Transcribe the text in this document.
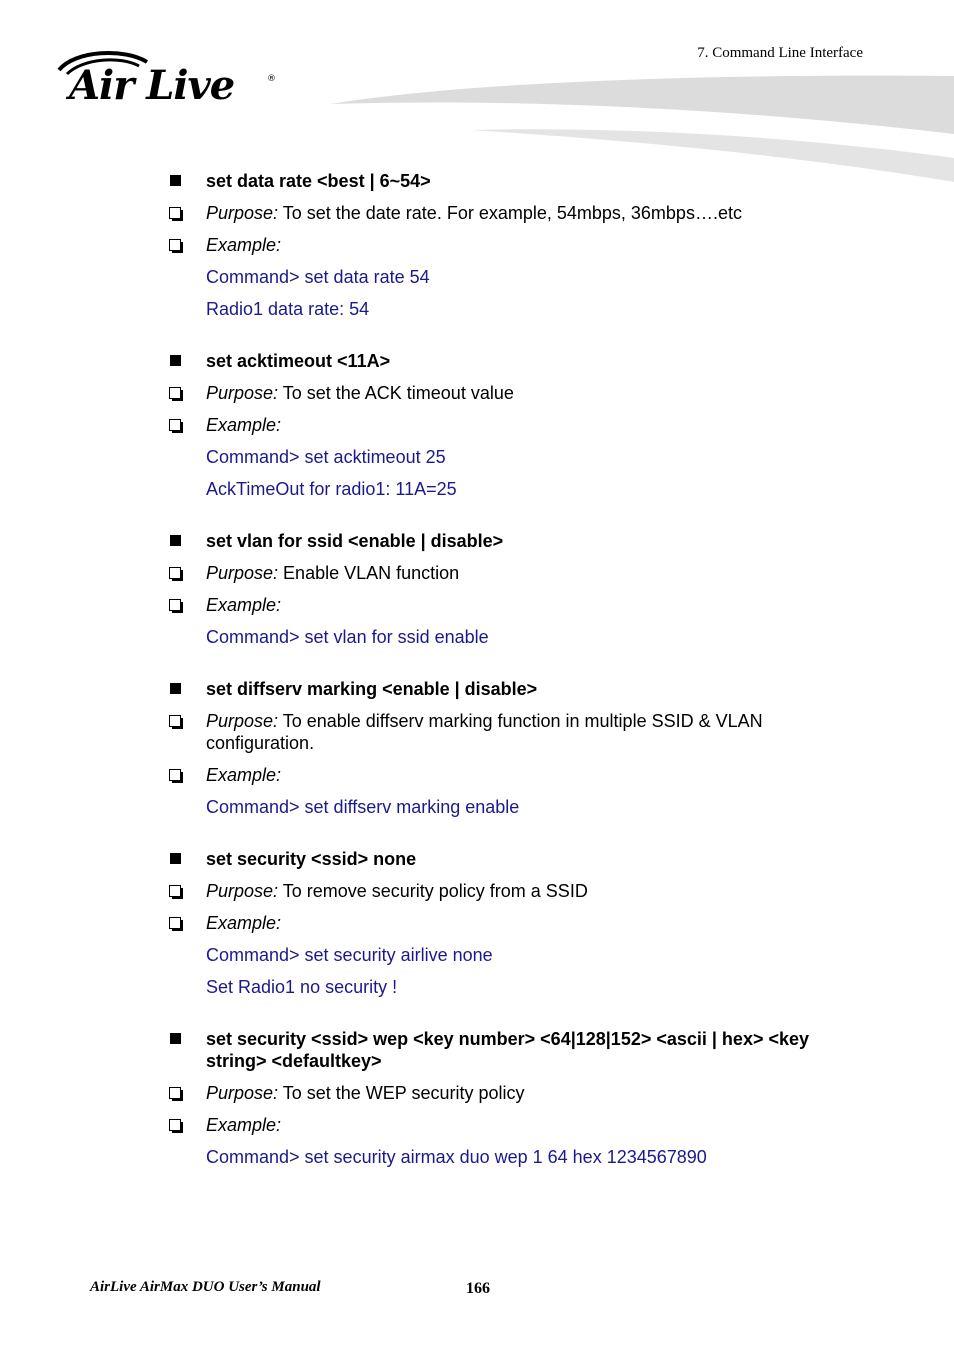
Air Live	®
7. Command Line Interface
set data rate <best | 6~54>
Purpose: To set the date rate. For example, 54mbps, 36mbps….etc
Example:
Command> set data rate 54
Radio1 data rate: 54
set acktimeout <11A>
Purpose: To set the ACK timeout value
Example:
Command> set acktimeout 25
AckTimeOut for radio1: 11A=25
set vlan for ssid <enable | disable>
Purpose: Enable VLAN function
Example:
Command> set vlan for ssid enable
set diffserv marking <enable | disable>
Purpose: To enable diffserv marking function in multiple SSID & VLAN configuration.
Example:
Command> set diffserv marking enable
set security <ssid> none
Purpose: To remove security policy from a SSID
Example:
Command> set security airlive none
Set Radio1 no security !
set security <ssid> wep <key number> <64|128|152> <ascii | hex> <key string> <defaultkey>
Purpose: To set the WEP security policy
Example:
Command> set security airmax duo wep 1 64 hex 1234567890
AirLive AirMax DUO User’s Manual	166
